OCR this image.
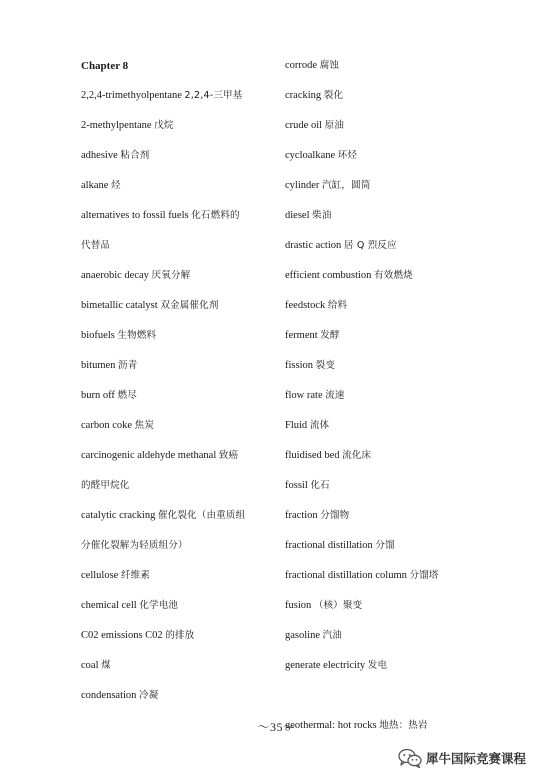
Chapter 8
2,2,4-trimethyolpentane 2,2,4-三甲基
2-methylpentane 戊烷
adhesive 粘合剂
alkane 烃
alternatives to fossil fuels 化石燃料的
代替品
anaerobic decay 厌氧分解
bimetallic catalyst 双金属催化剂
biofuels 生物燃料
bitumen 沥青
burn off 燃尽
carbon coke 焦炭
carcinogenic aldehyde methanal 致癌
的醛甲烷化
catalytic cracking 催化裂化（由重质组
分催化裂解为轻质组分）
cellulose 纤维素
chemical cell 化学电池
C02 emissions C02 的排放
coal 煤
condensation 冷凝
corrode 腐蚀
cracking 裂化
crude oil 原油
cycloalkane 环烃
cylinder 汽缸，圆筒
diesel 柴油
drastic action 居 Q 烈反应
efficient combustion 有效燃烧
feedstock 给料
ferment 发酵
fission 裂变
flow rate 流速
Fluid 流体
fluidised bed 流化床
fossil 化石
fraction 分馏物
fractional distillation 分馏
fractional distillation column 分馏塔
fusion （核）聚变
gasoline 汽油
generate electricity 发电
geothermal: hot rocks 地热：热岩
～35～
犀牛国际竞赛课程
